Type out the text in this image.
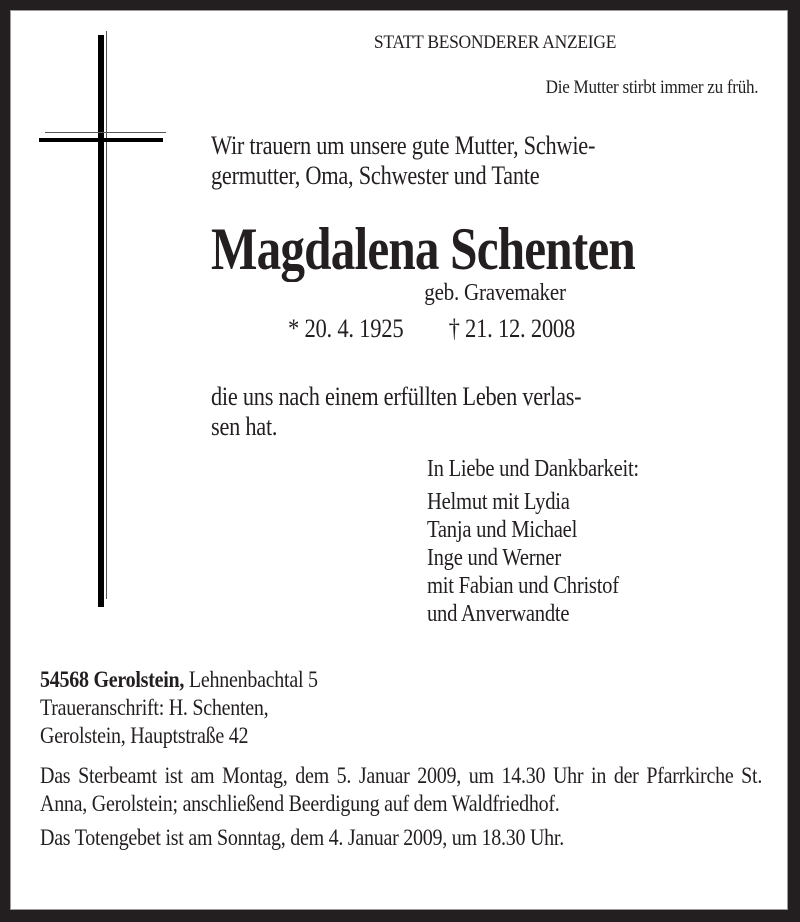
STATT BESONDERER ANZEIGE
Die Mutter stirbt immer zu früh.
Wir trauern um unsere gute Mutter, Schwie-
germutter, Oma, Schwester und Tante
Magdalena Schenten
geb. Gravemaker
* 20. 4. 1925 † 21. 12. 2008
die uns nach einem erfüllten Leben verlas-
sen hat.
In Liebe und Dankbarkeit:
Helmut mit Lydia
Tanja und Michael
Inge und Werner
mit Fabian und Christof
und Anverwandte
54568 Gerolstein, Lehnenbachtal 5
Traueranschrift: H. Schenten,
Gerolstein, Hauptstraße 42

Das Sterbeamt ist am Montag, dem 5. Januar 2009, um 14.30 Uhr in der Pfarrkirche St. Anna, Gerolstein; anschließend Beerdigung auf dem Waldfriedhof.

Das Totengebet ist am Sonntag, dem 4. Januar 2009, um 18.30 Uhr.
